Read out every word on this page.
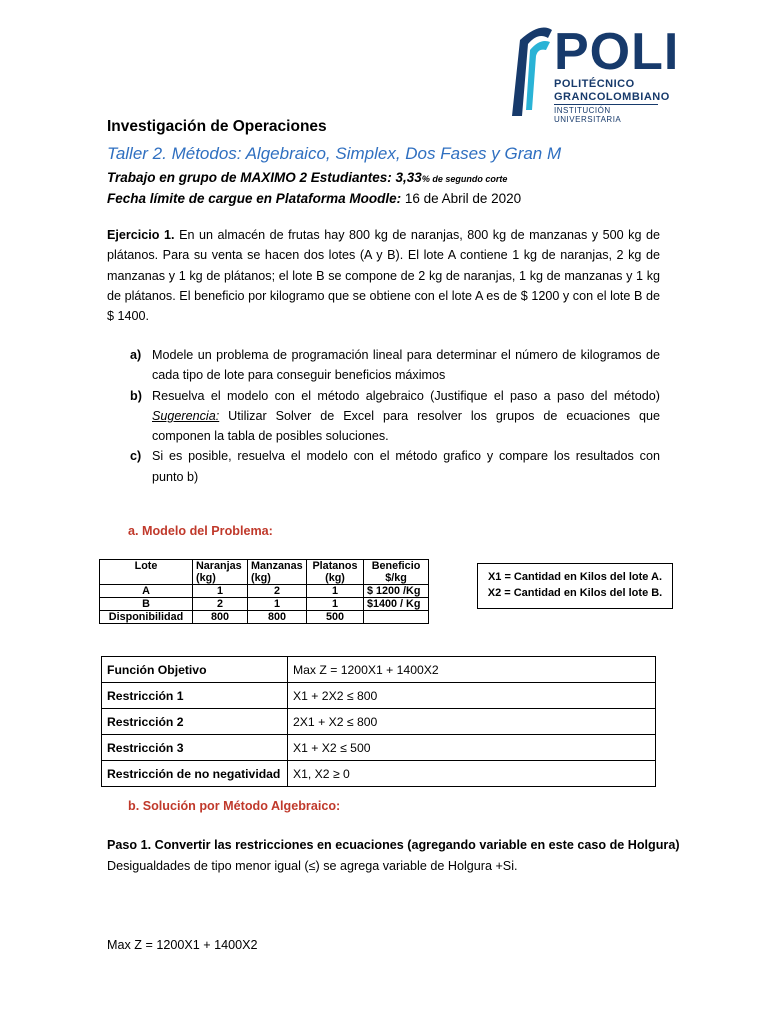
POLI
POLITÉCNICO
GRANCOLOMBIANO
INSTITUCIÓN UNIVERSITARIA
Investigación de Operaciones
Taller 2. Métodos: Algebraico, Simplex, Dos Fases y Gran M
Trabajo en grupo de MAXIMO 2 Estudiantes: 3,33% de segundo corte
Fecha límite de cargue en Plataforma Moodle: 16 de Abril de 2020
Ejercicio 1. En un almacén de frutas hay 800 kg de naranjas, 800 kg de manzanas y 500 kg de plátanos. Para su venta se hacen dos lotes (A y B). El lote A contiene 1 kg de naranjas, 2 kg de manzanas y 1 kg de plátanos; el lote B se compone de 2 kg de naranjas, 1 kg de manzanas y 1 kg de plátanos. El beneficio por kilogramo que se obtiene con el lote A es de $ 1200 y con el lote B de $ 1400.
a) Modele un problema de programación lineal para determinar el número de kilogramos de cada tipo de lote para conseguir beneficios máximos
b) Resuelva el modelo con el método algebraico (Justifique el paso a paso del método) Sugerencia: Utilizar Solver de Excel para resolver los grupos de ecuaciones que componen la tabla de posibles soluciones.
c) Si es posible, resuelva el modelo con el método grafico y compare los resultados con punto b)
a. Modelo del Problema:
Lote	Naranjas (kg)	Manzanas (kg)	Platanos (kg)	Beneficio $/kg
A	1	2	1	$ 1200 /Kg
B	2	1	1	$1400 / Kg
Disponibilidad	800	800	500	
X1 = Cantidad en Kilos del lote A.
X2 = Cantidad en Kilos del lote B.
Función Objetivo	Max Z = 1200X1 + 1400X2
Restricción 1	X1 + 2X2 ≤ 800
Restricción 2	2X1 + X2 ≤ 800
Restricción 3	X1 + X2 ≤ 500
Restricción de no negatividad	X1, X2 ≥ 0
b. Solución por Método Algebraico:
Paso 1. Convertir las restricciones en ecuaciones (agregando variable en este caso de Holgura)
Desigualdades de tipo menor igual (≤) se agrega variable de Holgura +Si.
Max Z = 1200X1 + 1400X2
